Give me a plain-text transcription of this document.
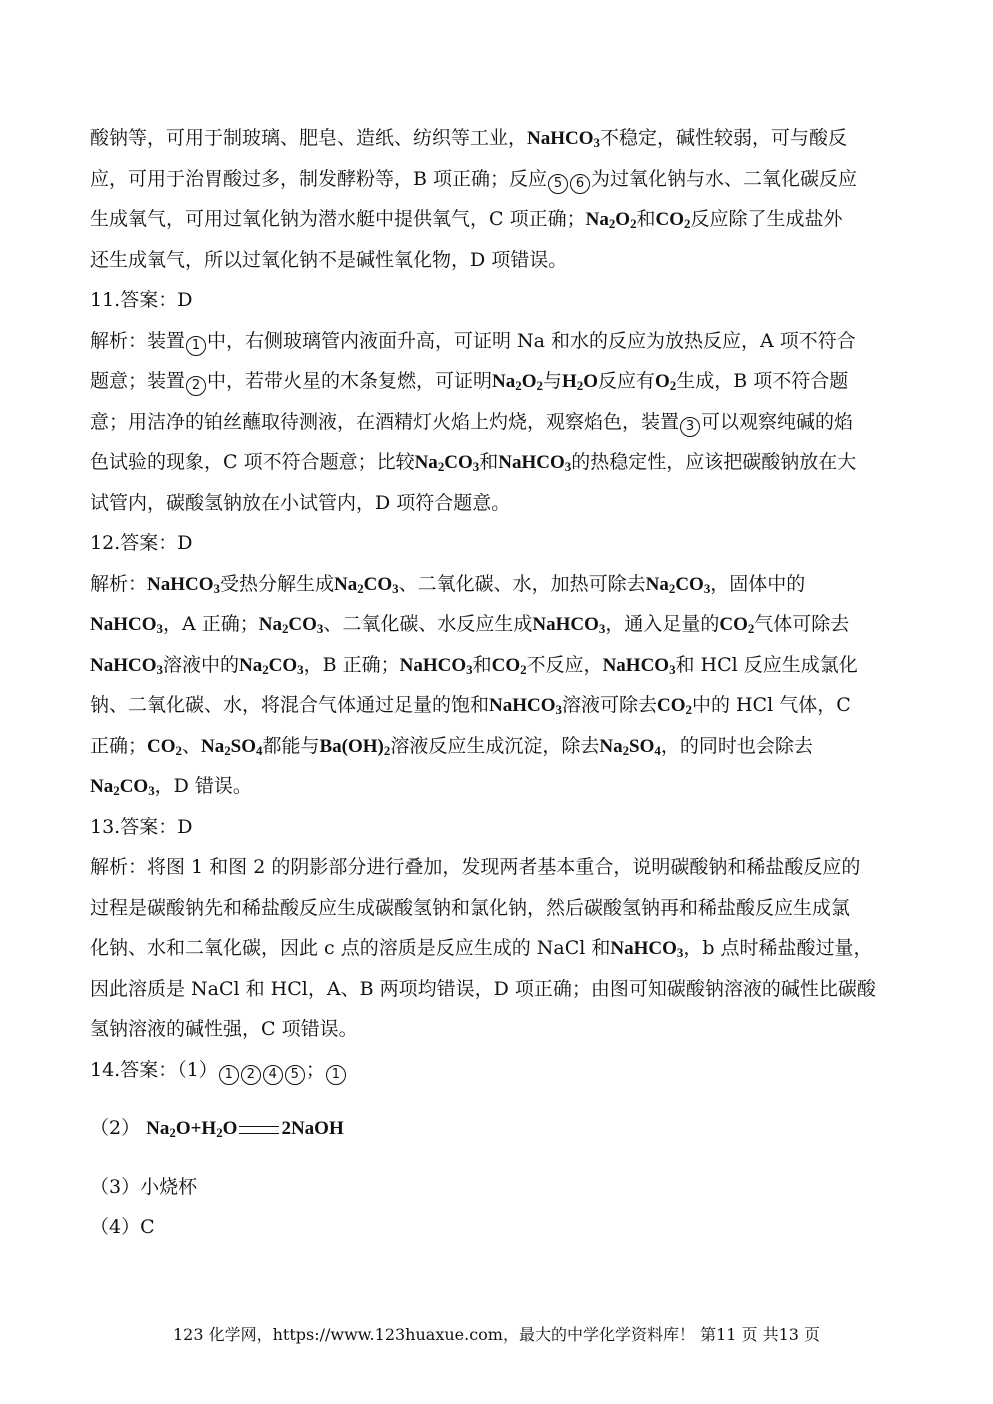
酸钠等，可用于制玻璃、肥皂、造纸、纺织等工业，NaHCO$_3$不稳定，碱性较弱，可与酸反
应，可用于治胃酸过多，制发酵粉等，B 项正确；反应 5 6 为过氧化钠与水、二氧化碳反应
生成氧气，可用过氧化钠为潜水艇中提供氧气，C 项正确；$Na_2O_2$和$CO_2$反应除了生成盐外
还生成氧气，所以过氧化钠不是碱性氧化物，D 项错误。
11.答案：D
解析：装置 1 中，右侧玻璃管内液面升高，可证明 Na 和水的反应为放热反应，A 项不符合
题意；装置 2 中，若带火星的木条复燃，可证明$Na_2O_2$与$H_2O$反应有$O_2$生成，B 项不符合题
意；用洁净的铂丝蘸取待测液，在酒精灯火焰上灼烧，观察焰色，装置 3 可以观察纯碱的焰
色试验的现象，C 项不符合题意；比较$Na_2CO_3$和NaHCO$_3$的热稳定性，应该把碳酸钠放在大
试管内，碳酸氢钠放在小试管内，D 项符合题意。
12.答案：D
解析：NaHCO$_3$受热分解生成$Na_2CO_3$、二氧化碳、水，加热可除去$Na_2CO_3$，固体中的
NaHCO$_3$，A 正确；$Na_2CO_3$、二氧化碳、水反应生成NaHCO$_3$，通入足量的$CO_2$气体可除去
NaHCO$_3$溶液中的$Na_2CO_3$，B 正确；NaHCO$_3$和$CO_2$不反应，NaHCO$_3$和 HCl 反应生成氯化
钠、二氧化碳、水，将混合气体通过足量的饱和NaHCO$_3$溶液可除去$CO_2$中的 HCl 气体，C
正确；$CO_2$、$Na_2SO_4$都能与$Ba(OH)_2$溶液反应生成沉淀，除去$Na_2SO_4$，的同时也会除去
$Na_2CO_3$，D 错误。
13.答案：D
解析：将图 1 和图 2 的阴影部分进行叠加，发现两者基本重合，说明碳酸钠和稀盐酸反应的
过程是碳酸钠先和稀盐酸反应生成碳酸氢钠和氯化钠，然后碳酸氢钠再和稀盐酸反应生成氯
化钠、水和二氧化碳，因此 c 点的溶质是反应生成的 NaCl 和NaHCO$_3$，b 点时稀盐酸过量，
因此溶质是 NaCl 和 HCl，A、B 两项均错误，D 项正确；由图可知碳酸钠溶液的碱性比碳酸
氢钠溶液的碱性强，C 项错误。
14.答案：（1） 1 2 4 5 ； 1
（2） $Na_2O+H_2O$ 2NaOH
（3）小烧杯
（4）C
123 化学网，https://www.123huaxue.com，最大的中学化学资料库！ 第11 页 共13 页
